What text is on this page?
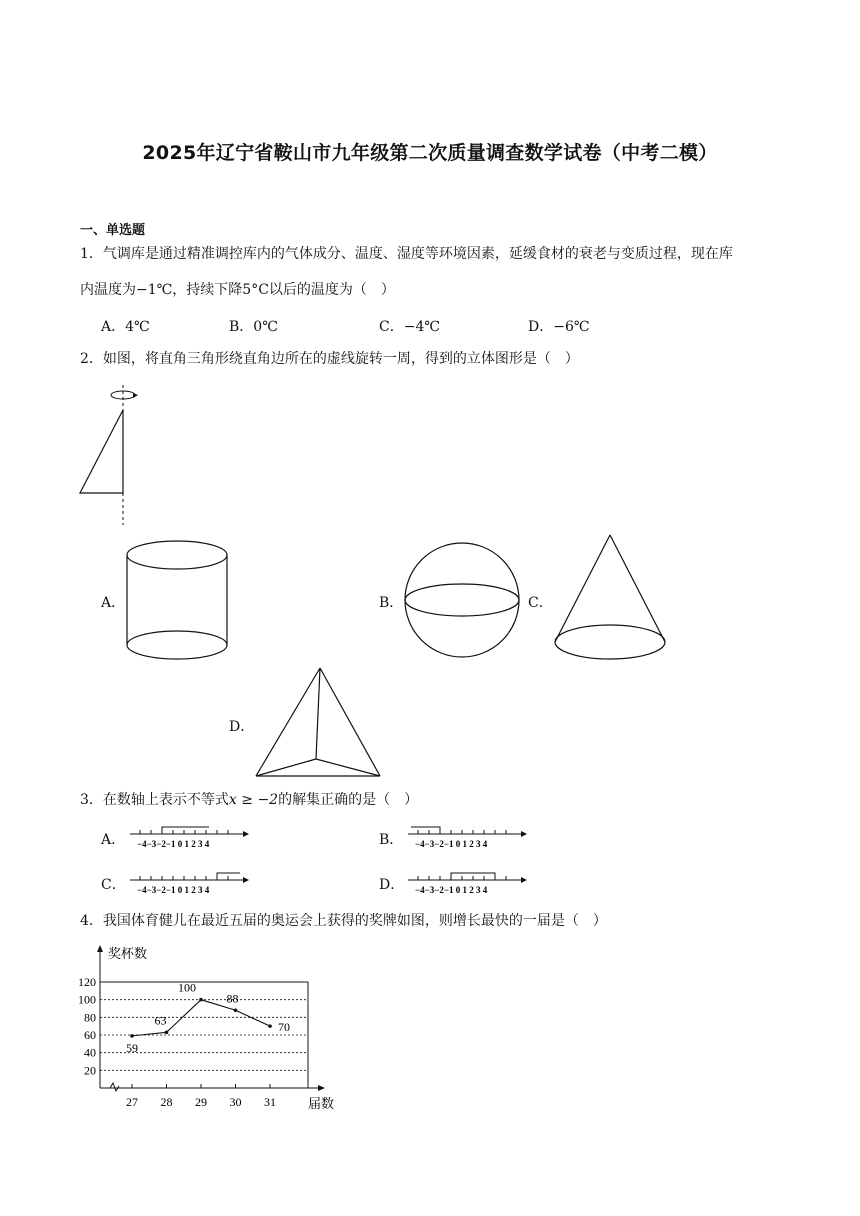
2025年辽宁省鞍山市九年级第二次质量调查数学试卷（中考二模）
一、单选题
1．气调库是通过精准调控库内的气体成分、温度、湿度等环境因素，延缓食材的衰老与变质过程，现在库
内温度为−1℃，持续下降5°C以后的温度为（　）
A．4℃	B．0℃	C．−4℃	D．−6℃
2．如图，将直角三角形绕直角边所在的虚线旋转一周，得到的立体图形是（　）
A．	B．	C．
D．
3．在数轴上表示不等式x ≥ −2的解集正确的是（　）
A． −4−3−2−1 0 1 2 3 4	B． −4−3−2−1 0 1 2 3 4
C． −4−3−2−1 0 1 2 3 4	D． −4−3−2−1 0 1 2 3 4
4．我国体育健儿在最近五届的奥运会上获得的奖牌如图，则增长最快的一届是（　）
奖杯数
届数
20
40
60
80
100
120
27 28 29 30 31
59
63
100
88
70
